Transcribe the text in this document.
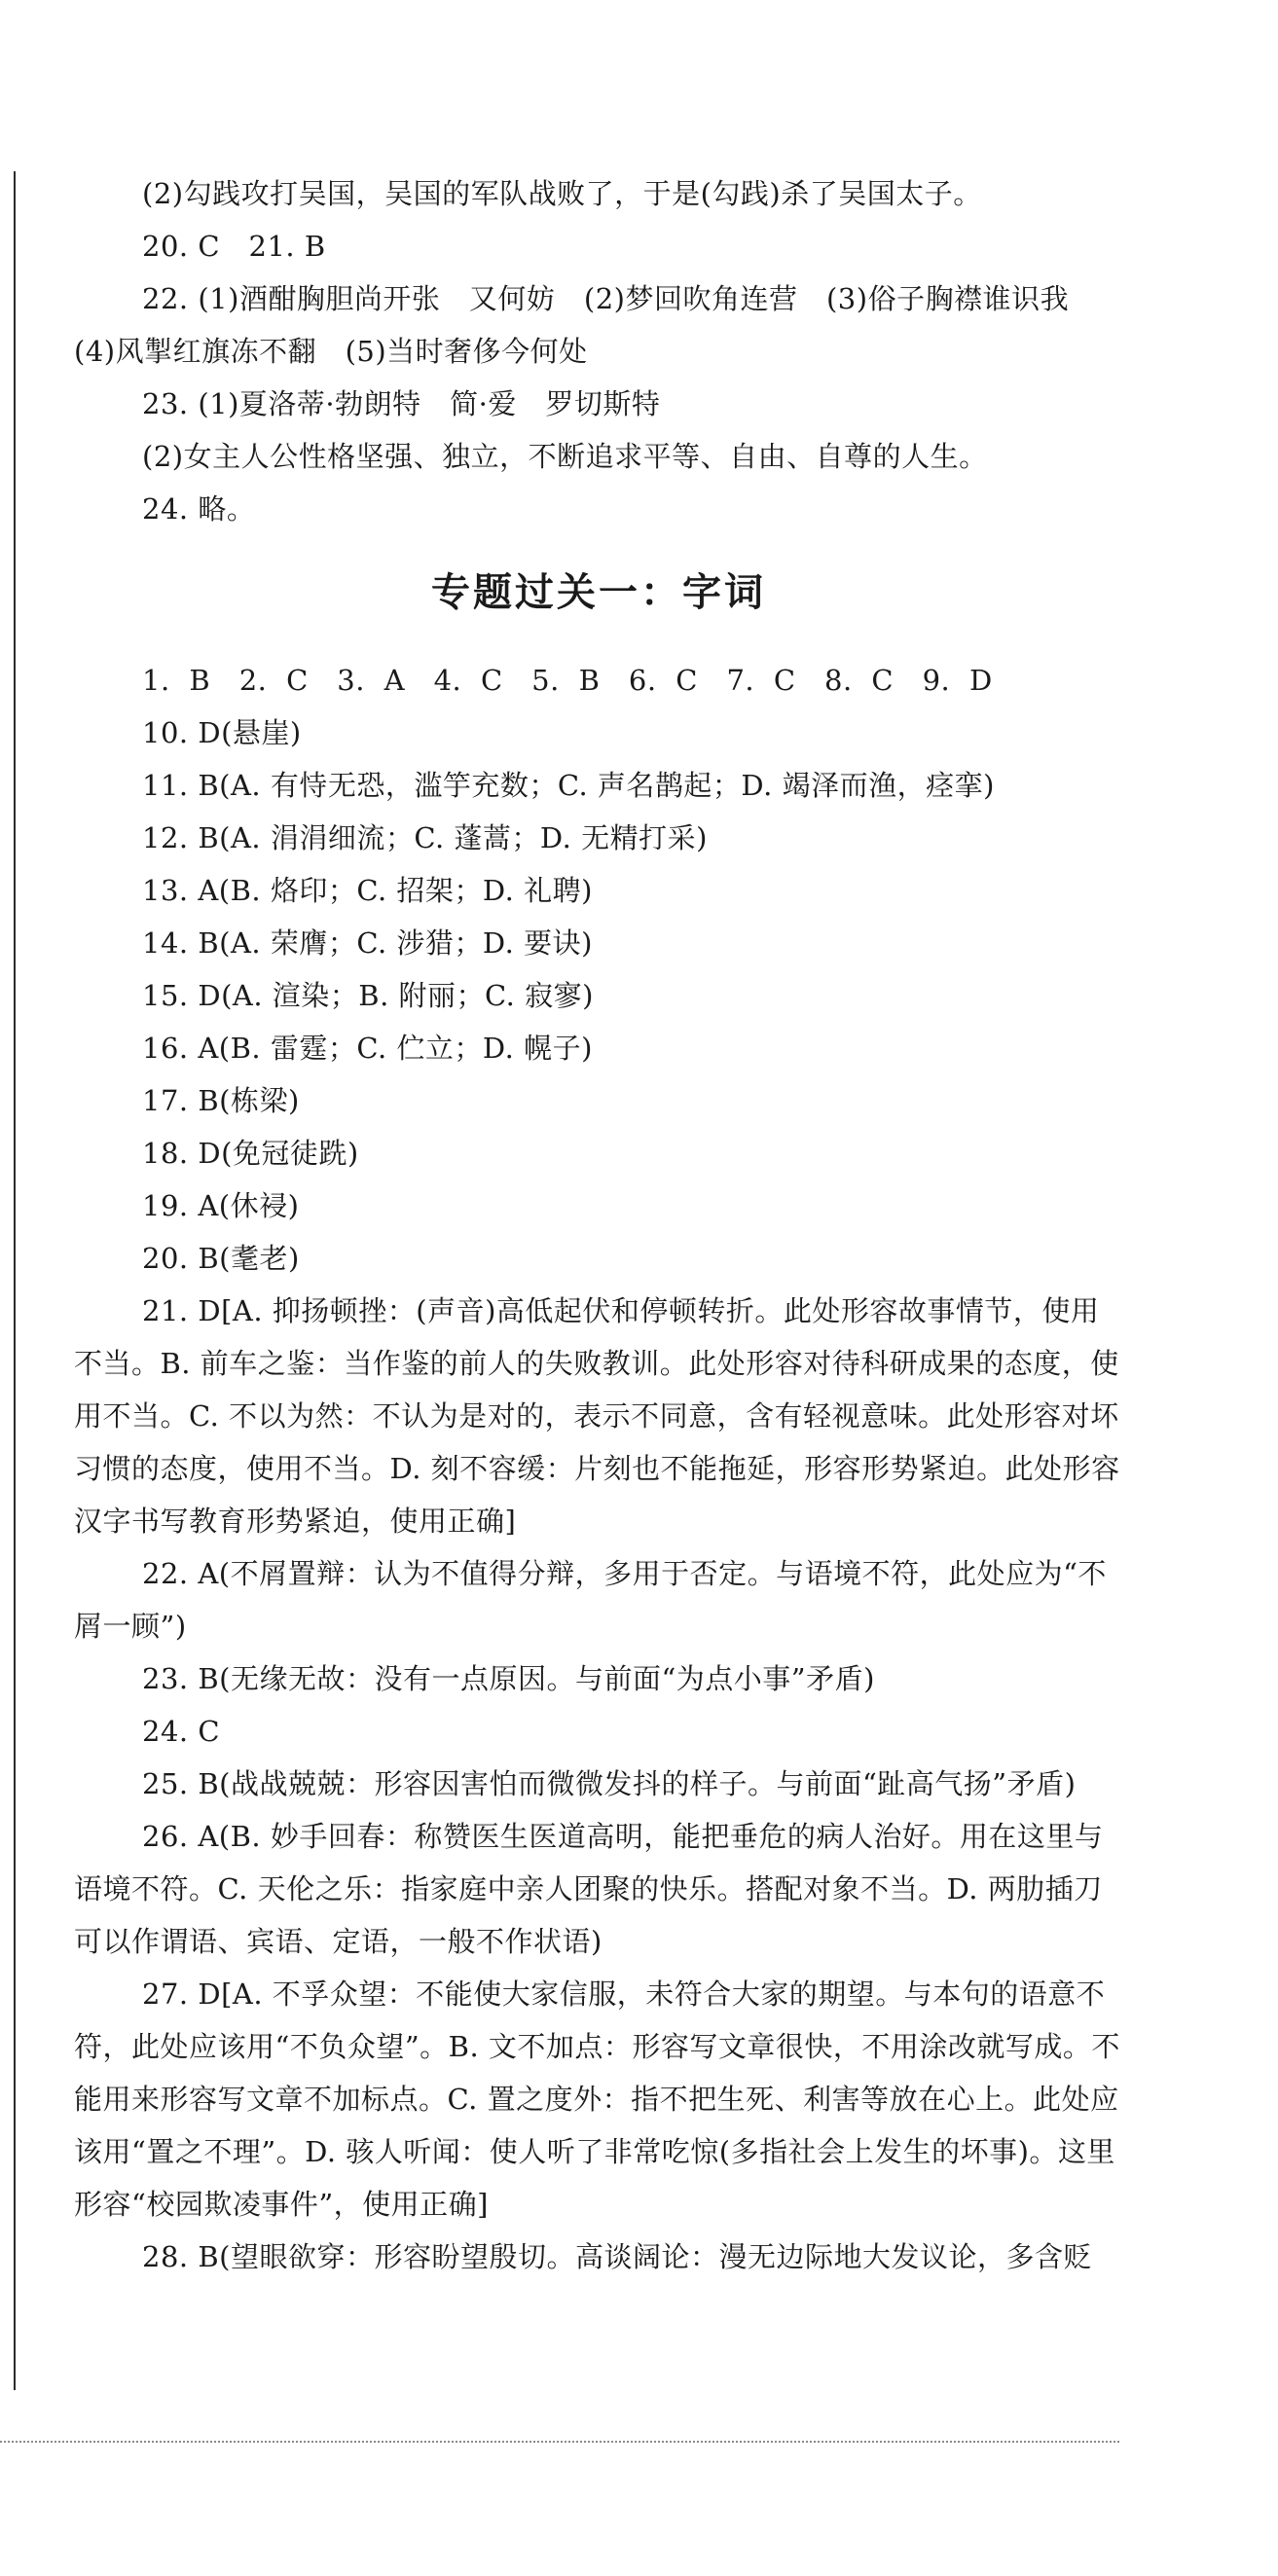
(2)勾践攻打吴国，吴国的军队战败了，于是(勾践)杀了吴国太子。

20. C　21. B

22. (1)酒酣胸胆尚开张　又何妨　(2)梦回吹角连营　(3)俗子胸襟谁识我

(4)风掣红旗冻不翻　(5)当时奢侈今何处

23. (1)夏洛蒂·勃朗特　简·爱　罗切斯特

(2)女主人公性格坚强、独立，不断追求平等、自由、自尊的人生。

24. 略。

专题过关一：字词

1. B　2. C　3. A　4. C　5. B　6. C　7. C　8. C　9. D

10. D(悬崖)

11. B(A. 有恃无恐，滥竽充数；C. 声名鹊起；D. 竭泽而渔，痉挛)

12. B(A. 涓涓细流；C. 蓬蒿；D. 无精打采)

13. A(B. 烙印；C. 招架；D. 礼聘)

14. B(A. 荣膺；C. 涉猎；D. 要诀)

15. D(A. 渲染；B. 附丽；C. 寂寥)

16. A(B. 雷霆；C. 伫立；D. 幌子)

17. B(栋梁)

18. D(免冠徒跣)

19. A(休祲)

20. B(耄老)

21. D[A. 抑扬顿挫：(声音)高低起伏和停顿转折。此处形容故事情节，使用不当。B. 前车之鉴：当作鉴的前人的失败教训。此处形容对待科研成果的态度，使用不当。C. 不以为然：不认为是对的，表示不同意，含有轻视意味。此处形容对坏习惯的态度，使用不当。D. 刻不容缓：片刻也不能拖延，形容形势紧迫。此处形容汉字书写教育形势紧迫，使用正确]

22. A(不屑置辩：认为不值得分辩，多用于否定。与语境不符，此处应为“不屑一顾”)

23. B(无缘无故：没有一点原因。与前面“为点小事”矛盾)

24. C

25. B(战战兢兢：形容因害怕而微微发抖的样子。与前面“趾高气扬”矛盾)

26. A(B. 妙手回春：称赞医生医道高明，能把垂危的病人治好。用在这里与语境不符。C. 天伦之乐：指家庭中亲人团聚的快乐。搭配对象不当。D. 两肋插刀可以作谓语、宾语、定语，一般不作状语)

27. D[A. 不孚众望：不能使大家信服，未符合大家的期望。与本句的语意不符，此处应该用“不负众望”。B. 文不加点：形容写文章很快，不用涂改就写成。不能用来形容写文章不加标点。C. 置之度外：指不把生死、利害等放在心上。此处应该用“置之不理”。D. 骇人听闻：使人听了非常吃惊(多指社会上发生的坏事)。这里形容“校园欺凌事件”，使用正确]

28. B(望眼欲穿：形容盼望殷切。高谈阔论：漫无边际地大发议论，多含贬
